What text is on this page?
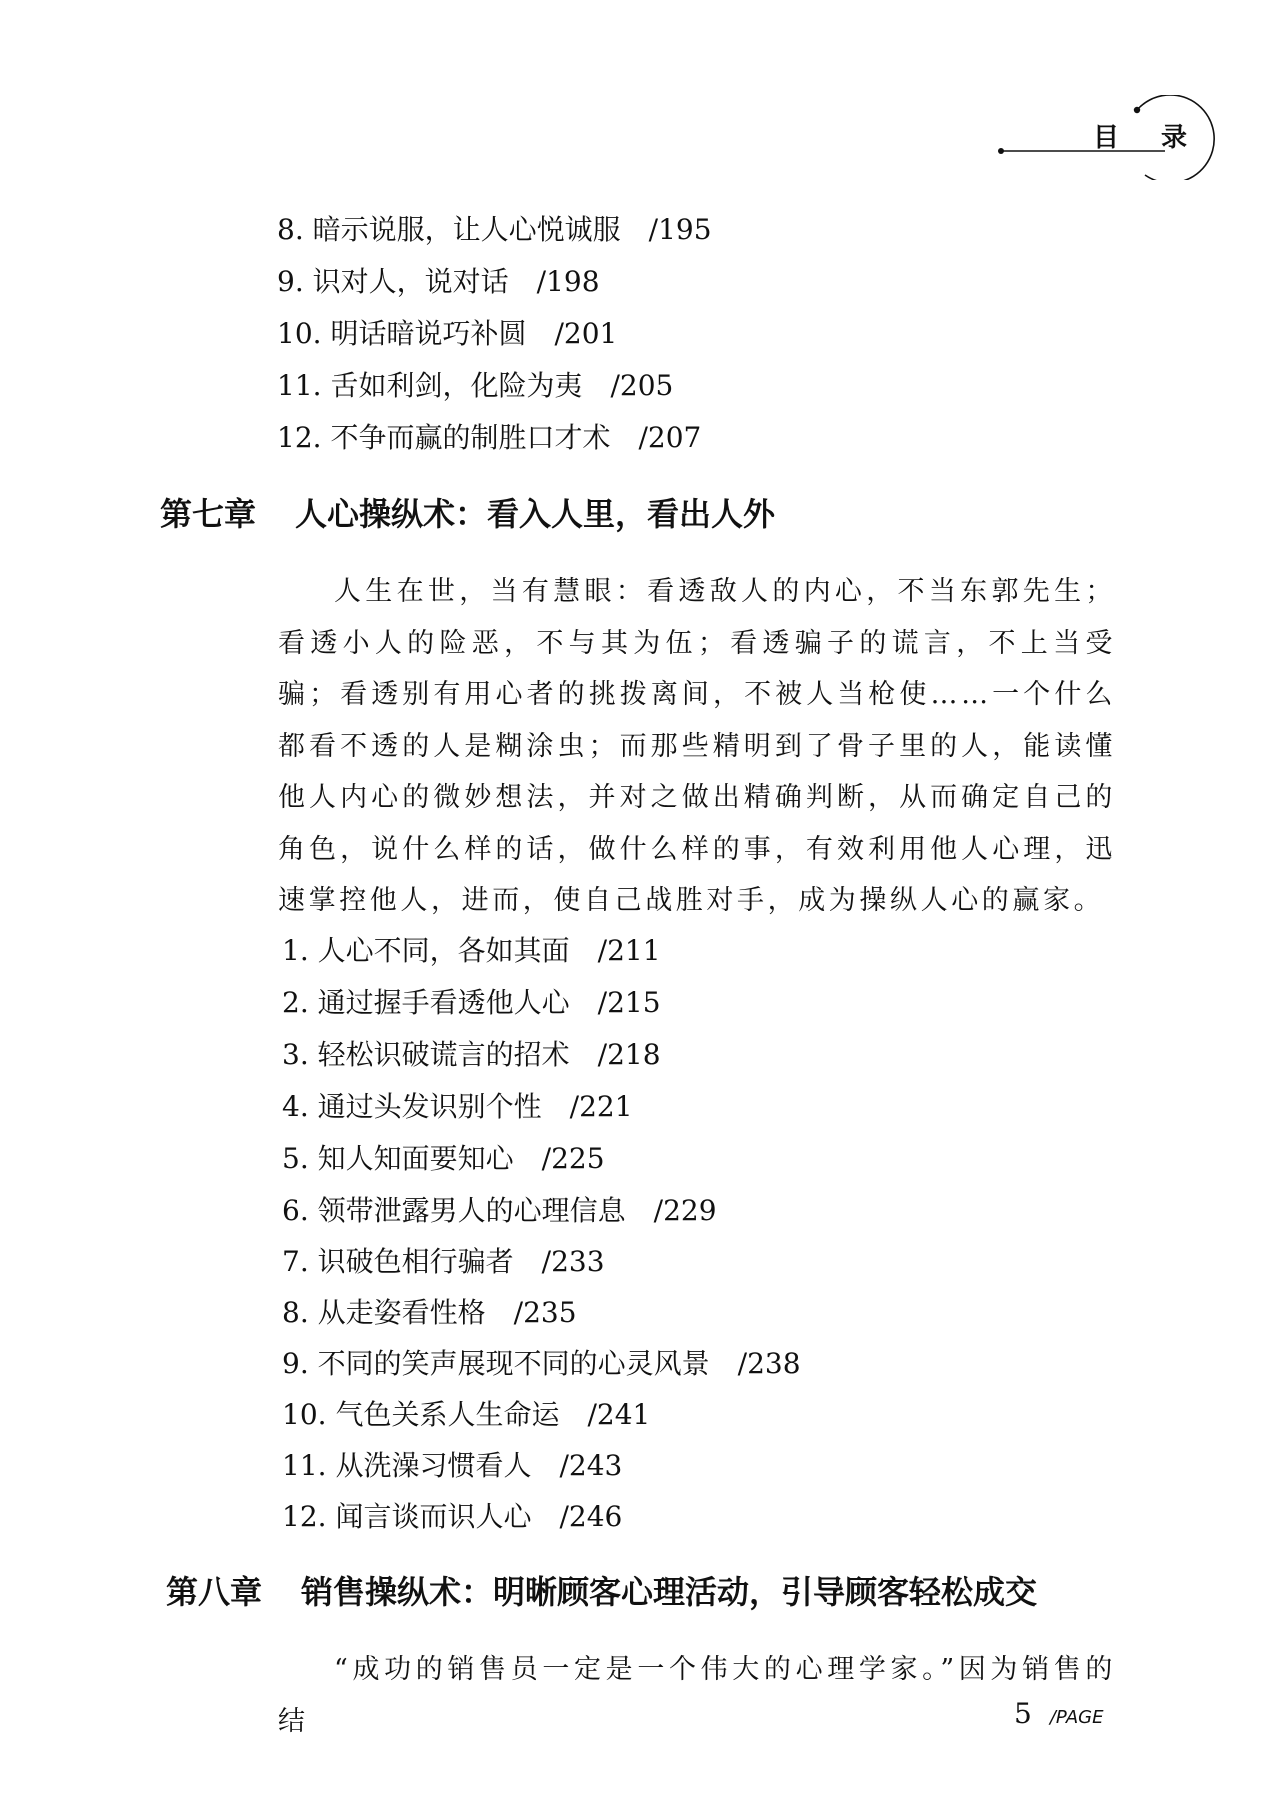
目 录
8. 暗示说服，让人心悦诚服 /195
9. 识对人，说对话 /198
10. 明话暗说巧补圆 /201
11. 舌如利剑，化险为夷 /205
12. 不争而赢的制胜口才术 /207
第七章 人心操纵术：看入人里，看出人外

人生在世，当有慧眼：看透敌人的内心，不当东郭先生；看透小人的险恶，不与其为伍；看透骗子的谎言，不上当受骗；看透别有用心者的挑拨离间，不被人当枪使……一个什么都看不透的人是糊涂虫；而那些精明到了骨子里的人，能读懂他人内心的微妙想法，并对之做出精确判断，从而确定自己的角色，说什么样的话，做什么样的事，有效利用他人心理，迅速掌控他人，进而，使自己战胜对手，成为操纵人心的赢家。

1. 人心不同，各如其面 /211
2. 通过握手看透他人心 /215
3. 轻松识破谎言的招术 /218
4. 通过头发识别个性 /221
5. 知人知面要知心 /225
6. 领带泄露男人的心理信息 /229
7. 识破色相行骗者 /233
8. 从走姿看性格 /235
9. 不同的笑声展现不同的心灵风景 /238
10. 气色关系人生命运 /241
11. 从洗澡习惯看人 /243
12. 闻言谈而识人心 /246
第八章 销售操纵术：明晰顾客心理活动，引导顾客轻松成交

“成功的销售员一定是一个伟大的心理学家。”因为销售的结	5 /PAGE
